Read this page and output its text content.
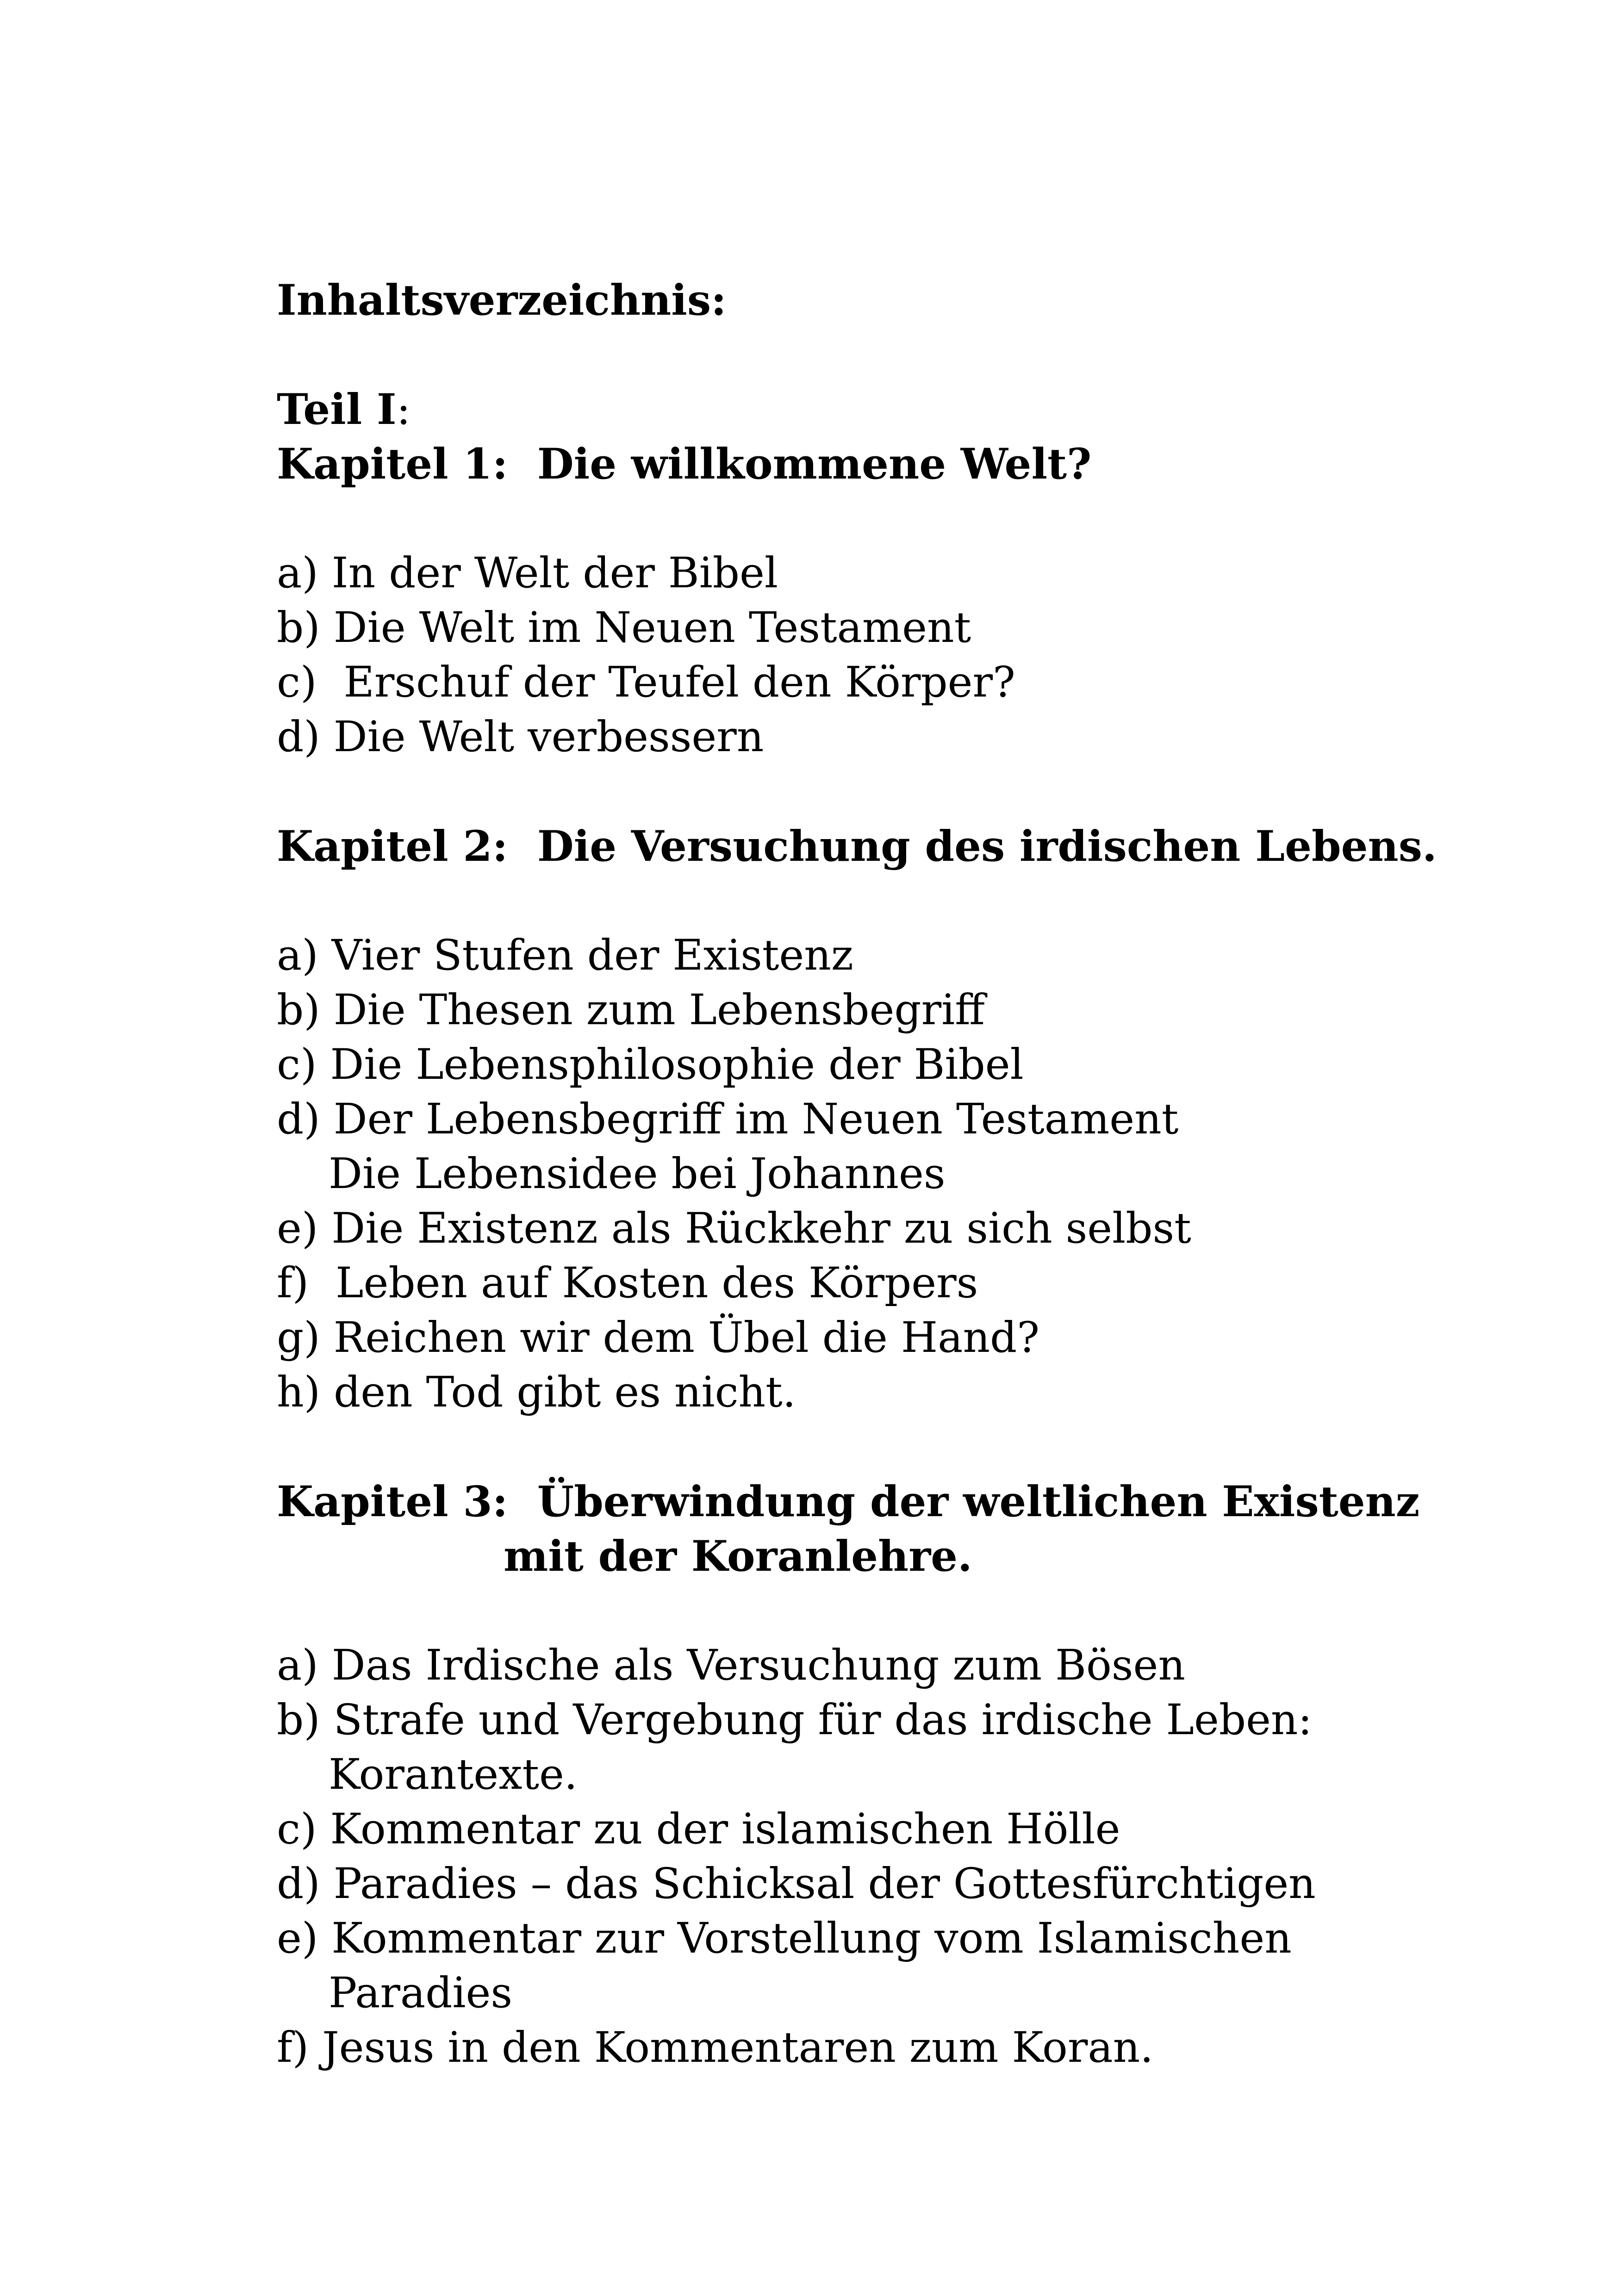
Inhaltsverzeichnis:
Teil I:
Kapitel 1:  Die willkommene Welt?
a) In der Welt der Bibel
b) Die Welt im Neuen Testament
c)  Erschuf der Teufel den Körper?
d) Die Welt verbessern
Kapitel 2:  Die Versuchung des irdischen Lebens.
a) Vier Stufen der Existenz
b) Die Thesen zum Lebensbegriff
c) Die Lebensphilosophie der Bibel
d) Der Lebensbegriff im Neuen Testament
Die Lebensidee bei Johannes
e) Die Existenz als Rückkehr zu sich selbst
f)  Leben auf Kosten des Körpers
g) Reichen wir dem Übel die Hand?
h) den Tod gibt es nicht.
Kapitel 3:  Überwindung der weltlichen Existenz
mit der Koranlehre.
a) Das Irdische als Versuchung zum Bösen
b) Strafe und Vergebung für das irdische Leben:
Korantexte.
c) Kommentar zu der islamischen Hölle
d) Paradies – das Schicksal der Gottesfürchtigen
e) Kommentar zur Vorstellung vom Islamischen
Paradies
f) Jesus in den Kommentaren zum Koran.
